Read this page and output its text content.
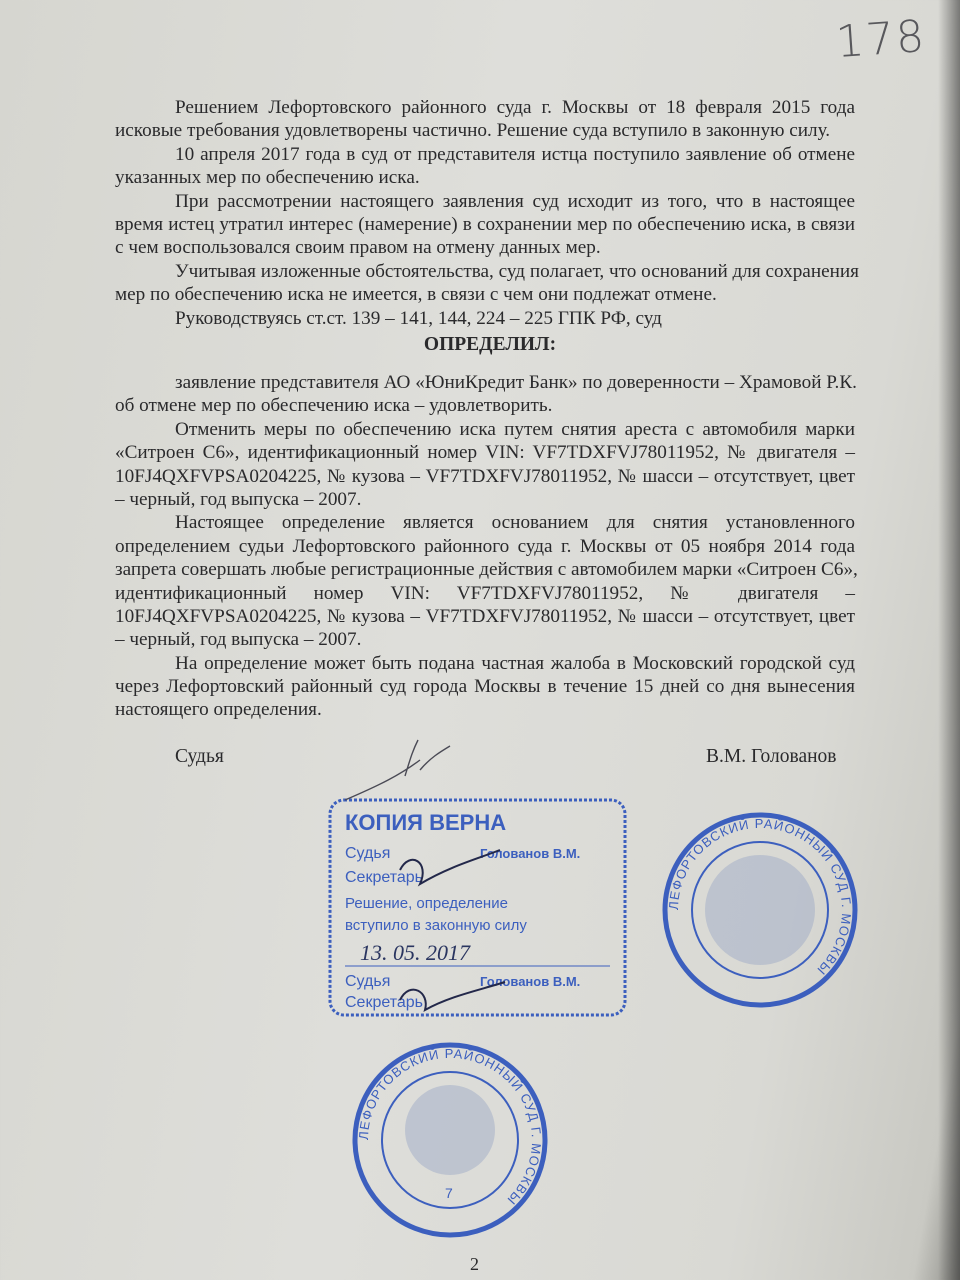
178
Решением Лефортовского районного суда г. Москвы от 18 февраля 2015 года
исковые требования удовлетворены частично. Решение суда вступило в законную силу.
10 апреля 2017 года в суд от представителя истца поступило заявление об отмене
указанных мер по обеспечению иска.
При рассмотрении настоящего заявления суд исходит из того, что в настоящее
время истец утратил интерес (намерение) в сохранении мер по обеспечению иска, в связи
с чем воспользовался своим правом на отмену данных мер.
Учитывая изложенные обстоятельства, суд полагает, что оснований для сохранения
мер по обеспечению иска не имеется, в связи с чем они подлежат отмене.
Руководствуясь ст.ст. 139 – 141, 144, 224 – 225 ГПК РФ, суд
ОПРЕДЕЛИЛ:
заявление представителя АО «ЮниКредит Банк» по доверенности – Храмовой Р.К.
об отмене мер по обеспечению иска – удовлетворить.
Отменить меры по обеспечению иска путем снятия ареста с автомобиля марки
«Ситроен С6», идентификационный номер VIN: VF7TDXFVJ78011952, № двигателя –
10FJ4QXFVPSA0204225, № кузова – VF7TDXFVJ78011952, № шасси – отсутствует, цвет
– черный, год выпуска – 2007.
Настоящее определение является основанием для снятия установленного
определением судьи Лефортовского районного суда г. Москвы от 05 ноября 2014 года
запрета совершать любые регистрационные действия с автомобилем марки «Ситроен С6»,
идентификационный номер VIN: VF7TDXFVJ78011952, № двигателя –
10FJ4QXFVPSA0204225, № кузова – VF7TDXFVJ78011952, № шасси – отсутствует, цвет
– черный, год выпуска – 2007.
На определение может быть подана частная жалоба в Московский городской суд
через Лефортовский районный суд города Москвы в течение 15 дней со дня вынесения
настоящего определения.
Судья	В.М. Голованов
ЛЕФОРТОВСКИЙ РАЙОННЫЙ СУД Г. МОСКВЫ
КОПИЯ ВЕРНА
Судья	Голованов В.М.
Секретарь
Решение, определение
вступило в законную силу
13. 05. 2017
Судья	Голованов В.М.
Секретарь
ЛЕФОРТОВСКИЙ РАЙОННЫЙ СУД Г. МОСКВЫ
7
2
